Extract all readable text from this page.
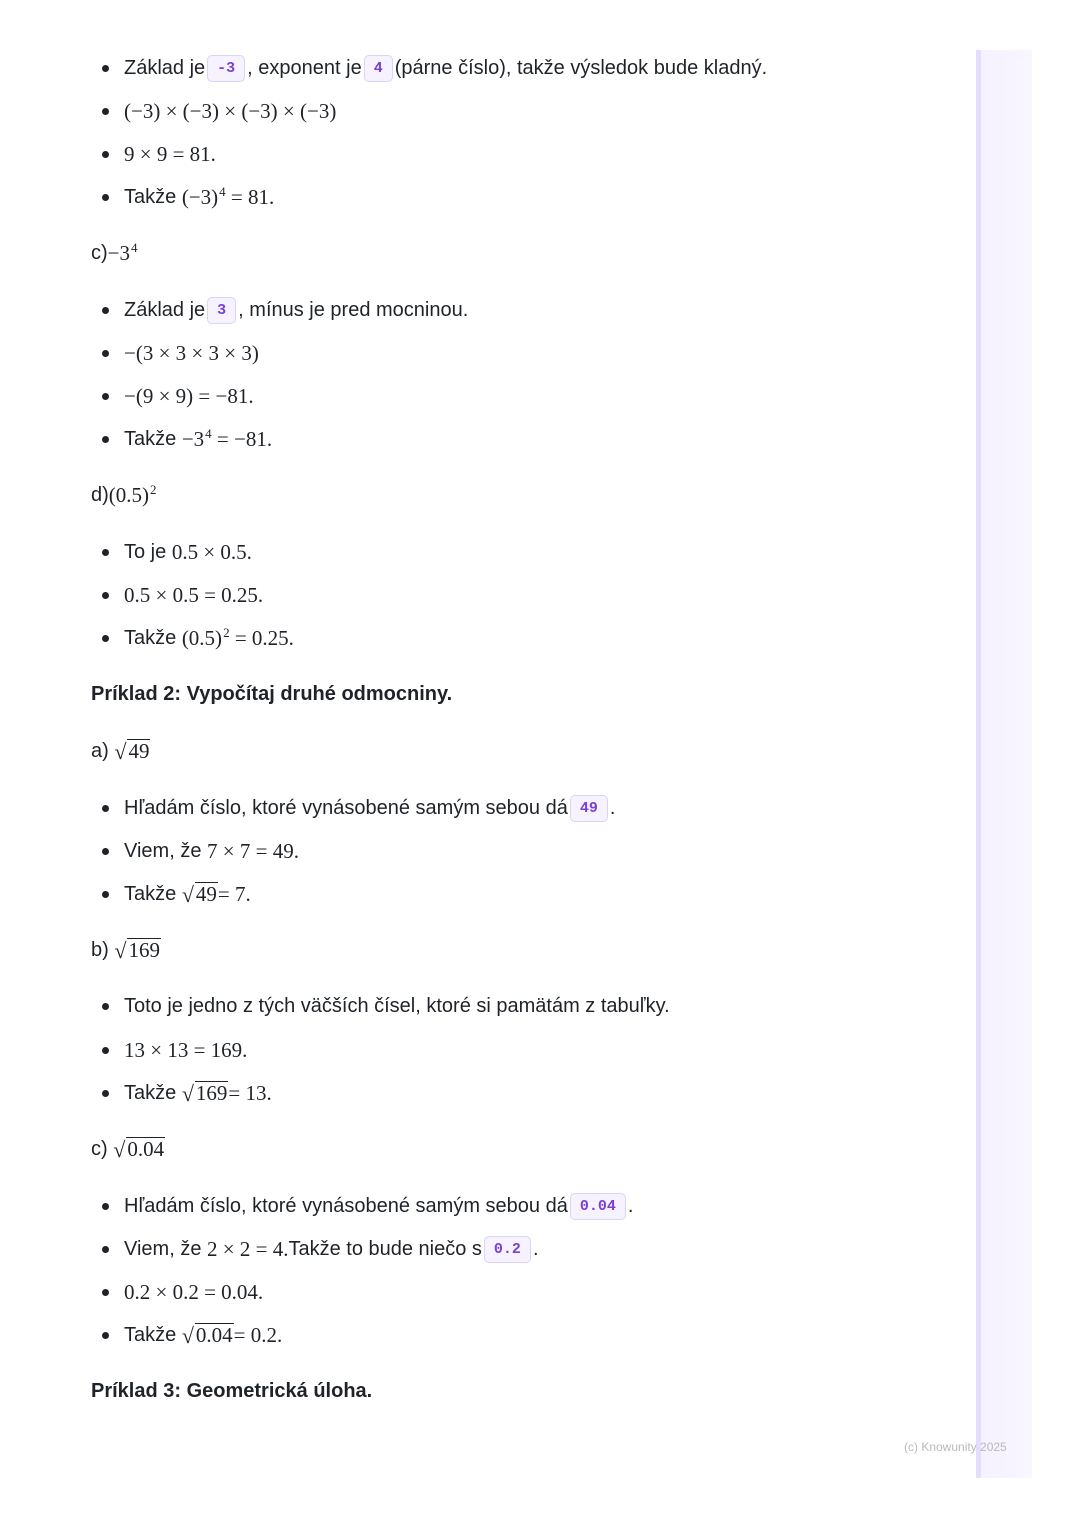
Základ je -3 , exponent je 4 (párne číslo), takže výsledok bude kladný.
(−3) × (−3) × (−3) × (−3)
9 × 9 = 81.
Takže
$(-3)^4 = 81$.
$c) -3^4$
Základ je 3 , mínus je pred mocninou.
−(3 × 3 × 3 × 3)
−(9 × 9) = −81.
Takže
$-3^4 = -81$.
d) $(0.5)^2$
To je
0.5 × 0.5.
0.5 × 0.5 = 0.25.
Takže
$(0.5)^2 = 0.25$.
Príklad 2: Vypočítaj druhé odmocniny.
a)
√ 49
Hľadám číslo, ktoré vynásobené samým sebou dá 49 .
Viem, že
7 × 7 = 49.
Takže
√ 49 = 7.
b)
√ 169
Toto je jedno z tých väčších čísel, ktoré si pamätám z tabuľky.
13 × 13 = 169.
Takže
√ 169 = 13.
c)
√ 0.04
Hľadám číslo, ktoré vynásobené samým sebou dá 0.04 .
Viem, že
2 × 2 = 4. Takže to bude niečo s 0.2 .
0.2 × 0.2 = 0.04.
Takže
√ 0.04 = 0.2.
Príklad 3: Geometrická úloha.
(c) Knowunity 2025
